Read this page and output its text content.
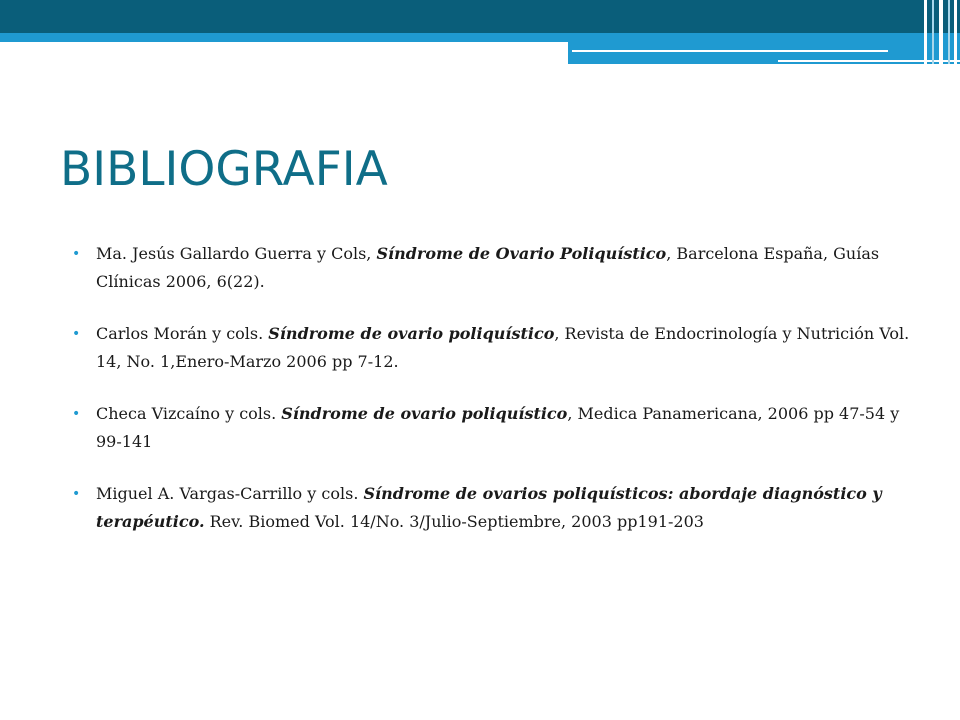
BIBLIOGRAFIA
• Ma. Jesús Gallardo Guerra y Cols, Síndrome de Ovario Poliquístico, Barcelona España, Guías Clínicas 2006, 6(22).
• Carlos Morán y cols. Síndrome de ovario poliquístico, Revista de Endocrinología y Nutrición Vol. 14, No. 1,Enero-Marzo 2006 pp 7-12.
• Checa Vizcaíno y cols. Síndrome de ovario poliquístico, Medica Panamericana, 2006 pp 47-54 y 99-141
• Miguel A. Vargas-Carrillo y cols. Síndrome de ovarios poliquísticos: abordaje diagnóstico y terapéutico. Rev. Biomed Vol. 14/No. 3/Julio-Septiembre, 2003 pp191-203
